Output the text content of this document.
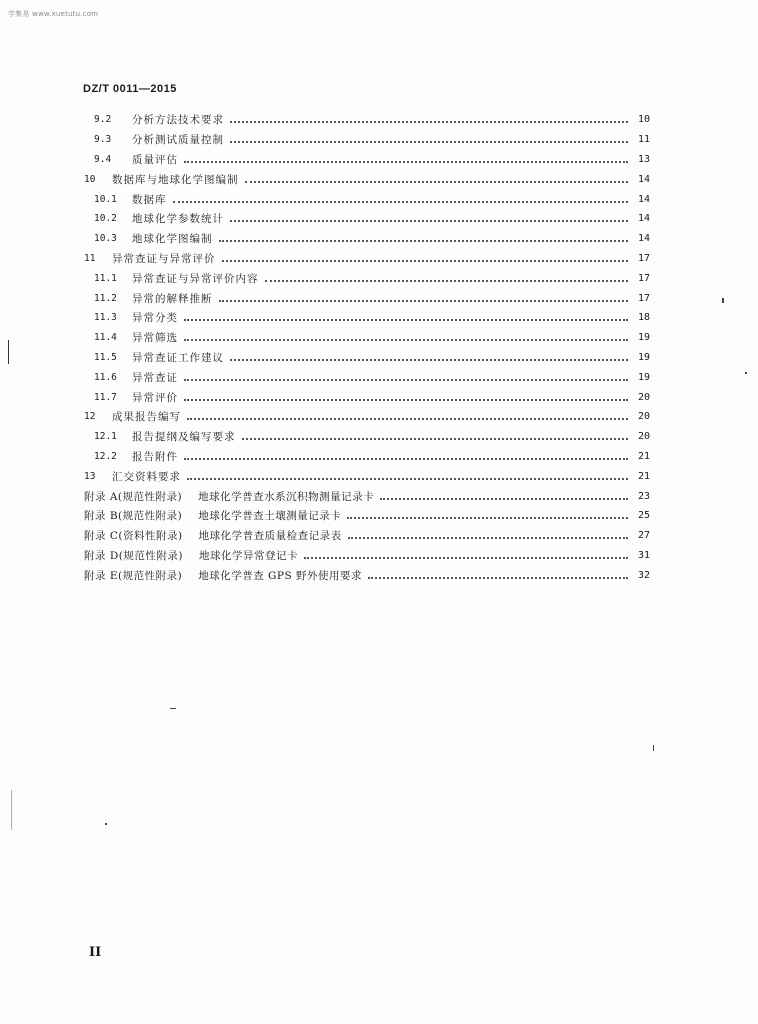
学集易 www.xuetutu.com
DZ/T 0011—2015
9.2	分析方法技术要求	10
9.3	分析测试质量控制	11
9.4	质量评估	13
10	数据库与地球化学图编制	14
10.1	数据库	14
10.2	地球化学参数统计	14
10.3	地球化学图编制	14
11	异常查证与异常评价	17
11.1	异常查证与异常评价内容	17
11.2	异常的解释推断	17
11.3	异常分类	18
11.4	异常筛选	19
11.5	异常查证工作建议	19
11.6	异常查证	19
11.7	异常评价	20
12	成果报告编写	20
12.1	报告提纲及编写要求	20
12.2	报告附件	21
13	汇交资料要求	21
附录 A(规范性附录) 地球化学普查水系沉积物测量记录卡	23
附录 B(规范性附录) 地球化学普查土壤测量记录卡	25
附录 C(资料性附录) 地球化学普查质量检查记录表	27
附录 D(规范性附录) 地球化学异常登记卡	31
附录 E(规范性附录) 地球化学普查 GPS 野外使用要求	32
II
